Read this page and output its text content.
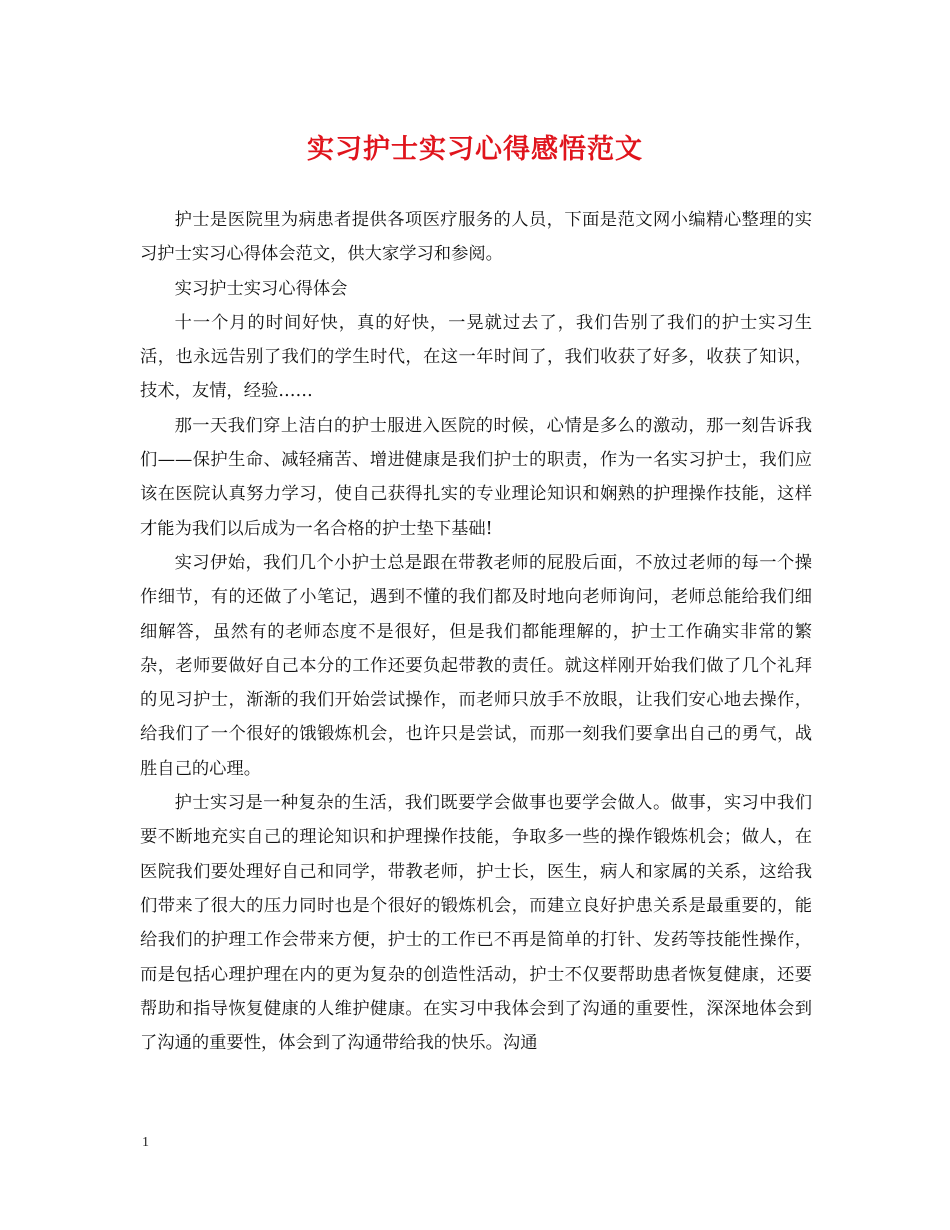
实习护士实习心得感悟范文

护士是医院里为病患者提供各项医疗服务的人员，下面是范文网小编精心整理的实习护士实习心得体会范文，供大家学习和参阅。

实习护士实习心得体会

十一个月的时间好快，真的好快，一晃就过去了，我们告别了我们的护士实习生活，也永远告别了我们的学生时代，在这一年时间了，我们收获了好多，收获了知识，技术，友情，经验……

那一天我们穿上洁白的护士服进入医院的时候，心情是多么的激动，那一刻告诉我们——保护生命、减轻痛苦、增进健康是我们护士的职责，作为一名实习护士，我们应该在医院认真努力学习，使自己获得扎实的专业理论知识和娴熟的护理操作技能，这样才能为我们以后成为一名合格的护士垫下基础!

实习伊始，我们几个小护士总是跟在带教老师的屁股后面，不放过老师的每一个操作细节，有的还做了小笔记，遇到不懂的我们都及时地向老师询问，老师总能给我们细细解答，虽然有的老师态度不是很好，但是我们都能理解的，护士工作确实非常的繁杂，老师要做好自己本分的工作还要负起带教的责任。就这样刚开始我们做了几个礼拜的见习护士，渐渐的我们开始尝试操作，而老师只放手不放眼，让我们安心地去操作，给我们了一个很好的饿锻炼机会，也许只是尝试，而那一刻我们要拿出自己的勇气，战胜自己的心理。

护士实习是一种复杂的生活，我们既要学会做事也要学会做人。做事，实习中我们要不断地充实自己的理论知识和护理操作技能，争取多一些的操作锻炼机会；做人，在医院我们要处理好自己和同学，带教老师，护士长，医生，病人和家属的关系，这给我们带来了很大的压力同时也是个很好的锻炼机会，而建立良好护患关系是最重要的，能给我们的护理工作会带来方便，护士的工作已不再是简单的打针、发药等技能性操作，而是包括心理护理在内的更为复杂的创造性活动，护士不仅要帮助患者恢复健康，还要帮助和指导恢复健康的人维护健康。在实习中我体会到了沟通的重要性，深深地体会到了沟通的重要性，体会到了沟通带给我的快乐。沟通

1
